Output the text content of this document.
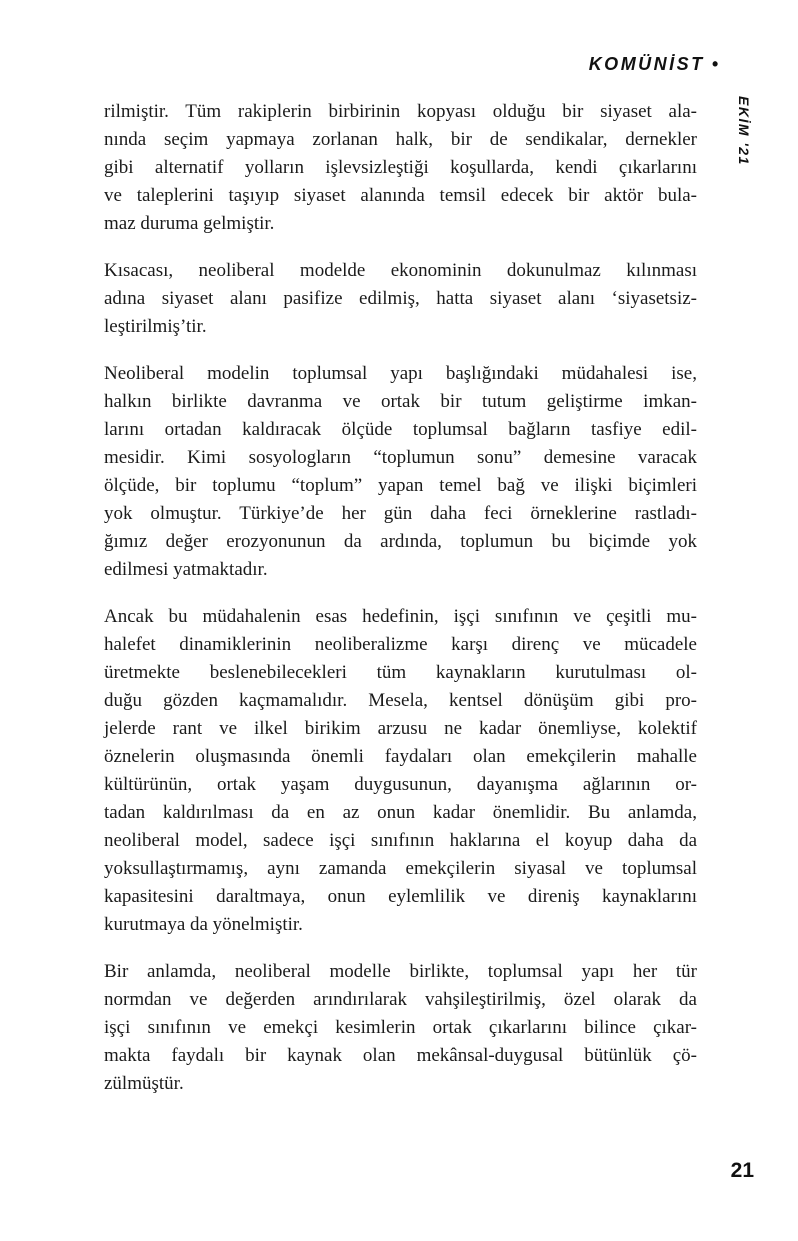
KOMÜNİST •
EKİM '21

rilmiştir. Tüm rakiplerin birbirinin kopyası olduğu bir siyaset ala-
nında seçim yapmaya zorlanan halk, bir de sendikalar, dernekler
gibi alternatif yolların işlevsizleştiği koşullarda, kendi çıkarlarını
ve taleplerini taşıyıp siyaset alanında temsil edecek bir aktör bula-
maz duruma gelmiştir.

Kısacası, neoliberal modelde ekonominin dokunulmaz kılınması
adına siyaset alanı pasifize edilmiş, hatta siyaset alanı ‘siyasetsiz-
leştirilmiş’tir.

Neoliberal modelin toplumsal yapı başlığındaki müdahalesi ise,
halkın birlikte davranma ve ortak bir tutum geliştirme imkan-
larını ortadan kaldıracak ölçüde toplumsal bağların tasfiye edil-
mesidir. Kimi sosyologların “toplumun sonu” demesine varacak
ölçüde, bir toplumu “toplum” yapan temel bağ ve ilişki biçimleri
yok olmuştur. Türkiye’de her gün daha feci örneklerine rastladı-
ğımız değer erozyonunun da ardında, toplumun bu biçimde yok
edilmesi yatmaktadır.

Ancak bu müdahalenin esas hedefinin, işçi sınıfının ve çeşitli mu-
halefet dinamiklerinin neoliberalizme karşı direnç ve mücadele
üretmekte beslenebilecekleri tüm kaynakların kurutulması ol-
duğu gözden kaçmamalıdır. Mesela, kentsel dönüşüm gibi pro-
jelerde rant ve ilkel birikim arzusu ne kadar önemliyse, kolektif
öznelerin oluşmasında önemli faydaları olan emekçilerin mahalle
kültürünün, ortak yaşam duygusunun, dayanışma ağlarının or-
tadan kaldırılması da en az onun kadar önemlidir. Bu anlamda,
neoliberal model, sadece işçi sınıfının haklarına el koyup daha da
yoksullaştırmamış, aynı zamanda emekçilerin siyasal ve toplumsal
kapasitesini daraltmaya, onun eylemlilik ve direniş kaynaklarını
kurutmaya da yönelmiştir.

Bir anlamda, neoliberal modelle birlikte, toplumsal yapı her tür
normdan ve değerden arındırılarak vahşileştirilmiş, özel olarak da
işçi sınıfının ve emekçi kesimlerin ortak çıkarlarını bilince çıkar-
makta faydalı bir kaynak olan mekânsal-duygusal bütünlük çö-
zülmüştür.

21
